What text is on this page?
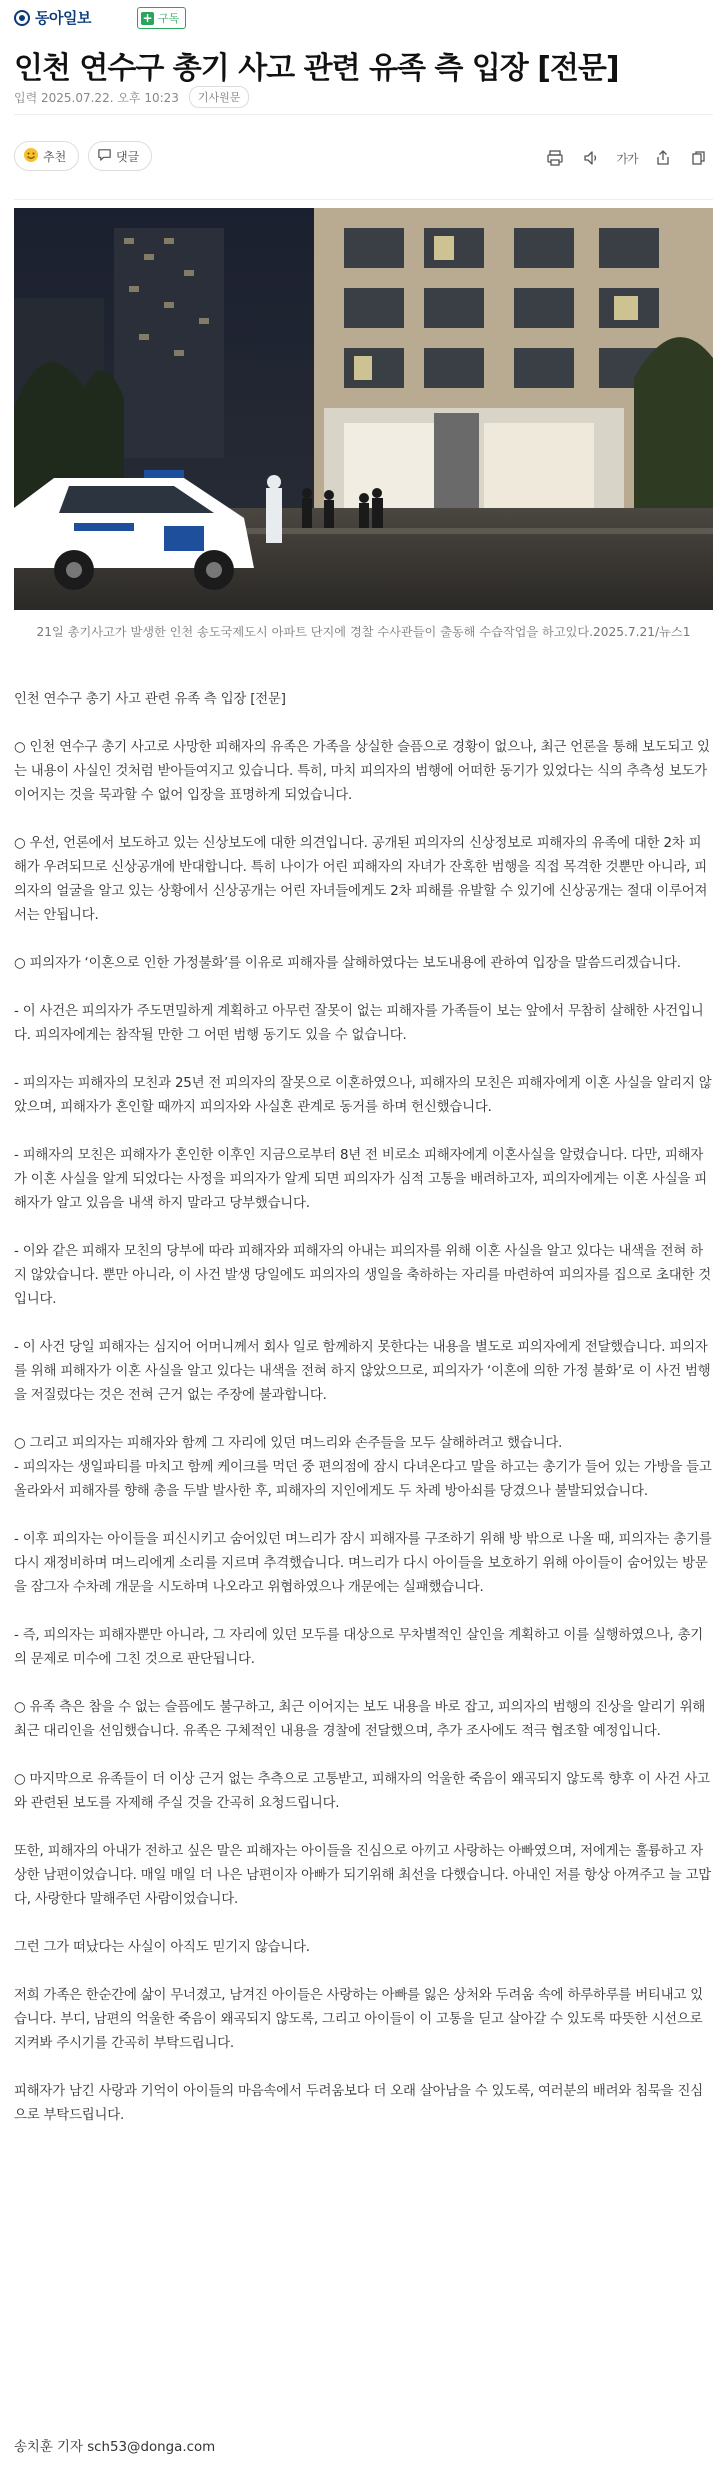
동아일보	+ 구독
인천 연수구 총기 사고 관련 유족 측 입장 [전문]
입력 2025.07.22. 오후 10:23	기사원문
추천	댓글	가가
21일 총기사고가 발생한 인천 송도국제도시 아파트 단지에 경찰 수사관들이 출동해 수습작업을 하고있다.2025.7.21/뉴스1

인천 연수구 총기 사고 관련 유족 측 입장 [전문]

○ 인천 연수구 총기 사고로 사망한 피해자의 유족은 가족을 상실한 슬픔으로 경황이 없으나, 최근 언론을 통해 보도되고 있는 내용이 사실인 것처럼 받아들여지고 있습니다. 특히, 마치 피의자의 범행에 어떠한 동기가 있었다는 식의 추측성 보도가 이어지는 것을 묵과할 수 없어 입장을 표명하게 되었습니다.

○ 우선, 언론에서 보도하고 있는 신상보도에 대한 의견입니다. 공개된 피의자의 신상정보로 피해자의 유족에 대한 2차 피해가 우려되므로 신상공개에 반대합니다. 특히 나이가 어린 피해자의 자녀가 잔혹한 범행을 직접 목격한 것뿐만 아니라, 피의자의 얼굴을 알고 있는 상황에서 신상공개는 어린 자녀들에게도 2차 피해를 유발할 수 있기에 신상공개는 절대 이루어져서는 안됩니다.

○ 피의자가 ‘이혼으로 인한 가정불화’를 이유로 피해자를 살해하였다는 보도내용에 관하여 입장을 말씀드리겠습니다.

- 이 사건은 피의자가 주도면밀하게 계획하고 아무런 잘못이 없는 피해자를 가족들이 보는 앞에서 무참히 살해한 사건입니다. 피의자에게는 참작될 만한 그 어떤 범행 동기도 있을 수 없습니다.

- 피의자는 피해자의 모친과 25년 전 피의자의 잘못으로 이혼하였으나, 피해자의 모친은 피해자에게 이혼 사실을 알리지 않았으며, 피해자가 혼인할 때까지 피의자와 사실혼 관계로 동거를 하며 헌신했습니다.

- 피해자의 모친은 피해자가 혼인한 이후인 지금으로부터 8년 전 비로소 피해자에게 이혼사실을 알렸습니다. 다만, 피해자가 이혼 사실을 알게 되었다는 사정을 피의자가 알게 되면 피의자가 심적 고통을 배려하고자, 피의자에게는 이혼 사실을 피해자가 알고 있음을 내색 하지 말라고 당부했습니다.

- 이와 같은 피해자 모친의 당부에 따라 피해자와 피해자의 아내는 피의자를 위해 이혼 사실을 알고 있다는 내색을 전혀 하지 않았습니다. 뿐만 아니라, 이 사건 발생 당일에도 피의자의 생일을 축하하는 자리를 마련하여 피의자를 집으로 초대한 것입니다.

- 이 사건 당일 피해자는 심지어 어머니께서 회사 일로 함께하지 못한다는 내용을 별도로 피의자에게 전달했습니다. 피의자를 위해 피해자가 이혼 사실을 알고 있다는 내색을 전혀 하지 않았으므로, 피의자가 ‘이혼에 의한 가정 불화’로 이 사건 범행을 저질렀다는 것은 전혀 근거 없는 주장에 불과합니다.

○ 그리고 피의자는 피해자와 함께 그 자리에 있던 며느리와 손주들을 모두 살해하려고 했습니다.

- 피의자는 생일파티를 마치고 함께 케이크를 먹던 중 편의점에 잠시 다녀온다고 말을 하고는 총기가 들어 있는 가방을 들고 올라와서 피해자를 향해 총을 두발 발사한 후, 피해자의 지인에게도 두 차례 방아쇠를 당겼으나 불발되었습니다.

- 이후 피의자는 아이들을 피신시키고 숨어있던 며느리가 잠시 피해자를 구조하기 위해 방 밖으로 나올 때, 피의자는 총기를 다시 재정비하며 며느리에게 소리를 지르며 추격했습니다. 며느리가 다시 아이들을 보호하기 위해 아이들이 숨어있는 방문을 잠그자 수차례 개문을 시도하며 나오라고 위협하였으나 개문에는 실패했습니다.

- 즉, 피의자는 피해자뿐만 아니라, 그 자리에 있던 모두를 대상으로 무차별적인 살인을 계획하고 이를 실행하였으나, 총기의 문제로 미수에 그친 것으로 판단됩니다.

○ 유족 측은 참을 수 없는 슬픔에도 불구하고, 최근 이어지는 보도 내용을 바로 잡고, 피의자의 범행의 진상을 알리기 위해 최근 대리인을 선임했습니다. 유족은 구체적인 내용을 경찰에 전달했으며, 추가 조사에도 적극 협조할 예정입니다.

○ 마지막으로 유족들이 더 이상 근거 없는 추측으로 고통받고, 피해자의 억울한 죽음이 왜곡되지 않도록 향후 이 사건 사고와 관련된 보도를 자제해 주실 것을 간곡히 요청드립니다.

또한, 피해자의 아내가 전하고 싶은 말은 피해자는 아이들을 진심으로 아끼고 사랑하는 아빠였으며, 저에게는 훌륭하고 자상한 남편이었습니다. 매일 매일 더 나은 남편이자 아빠가 되기위해 최선을 다했습니다. 아내인 저를 항상 아껴주고 늘 고맙다, 사랑한다 말해주던 사람이었습니다.

그런 그가 떠났다는 사실이 아직도 믿기지 않습니다.

저희 가족은 한순간에 삶이 무너졌고, 남겨진 아이들은 사랑하는 아빠를 잃은 상처와 두려움 속에 하루하루를 버티내고 있습니다. 부디, 남편의 억울한 죽음이 왜곡되지 않도록, 그리고 아이들이 이 고통을 딛고 살아갈 수 있도록 따뜻한 시선으로 지켜봐 주시기를 간곡히 부탁드립니다.

피해자가 남긴 사랑과 기억이 아이들의 마음속에서 두려움보다 더 오래 살아남을 수 있도록, 여러분의 배려와 침묵을 진심으로 부탁드립니다.

송치훈 기자 sch53@donga.com
